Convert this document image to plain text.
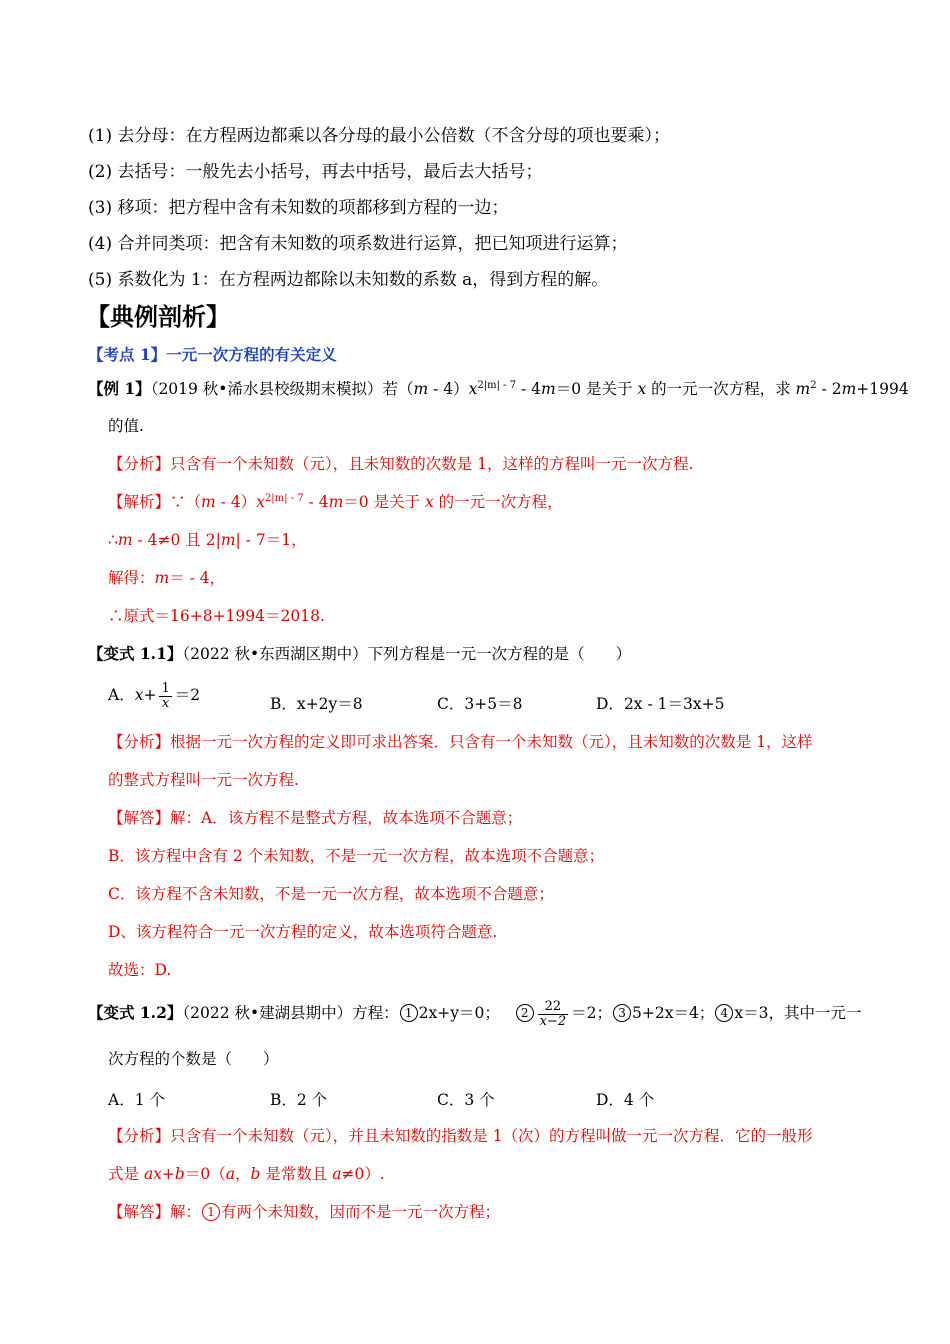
(1) 去分母：在方程两边都乘以各分母的最小公倍数（不含分母的项也要乘）；
(2) 去括号：一般先去小括号，再去中括号，最后去大括号；
(3) 移项：把方程中含有未知数的项都移到方程的一边；
(4) 合并同类项：把含有未知数的项系数进行运算，把已知项进行运算；
(5) 系数化为 1：在方程两边都除以未知数的系数 a，得到方程的解。
【典例剖析】
【考点 1】一元一次方程的有关定义
【例 1】（2019 秋•浠水县校级期末模拟）若$(m - 4)x^{2|m| - 7} - 4m=0$ 是关于 x 的一元一次方程，求 $m^2 - 2m+1994$
的值.
【分析】只含有一个未知数（元），且未知数的次数是 1，这样的方程叫一元一次方程.
【解析】∵（m - $4)x^{2|m| - 7} - 4m=0$ 是关于 x 的一元一次方程，
∴m - 4≠0 且 2|m| - 7＝1，
解得：m＝ - 4，
∴原式＝16+8+1994＝2018.
【变式 1.1】（2022 秋•东西湖区期中）下列方程是一元一次方程的是（　　）
A．$x+ \frac{1}{x} =2$	B．x+2y＝8	C．3+5＝8	D．2x - 1＝3x+5
【分析】根据一元一次方程的定义即可求出答案．只含有一个未知数（元），且未知数的次数是 1，这样
的整式方程叫一元一次方程.
【解答】解：A．该方程不是整式方程，故本选项不合题意；
B．该方程中含有 2 个未知数，不是一元一次方程，故本选项不合题意；
C．该方程不含未知数，不是一元一次方程，故本选项不合题意；
D、该方程符合一元一次方程的定义，故本选项符合题意.
故选：D.
【变式 1.2】（2022 秋•建湖县期中）方程： 1 2x+y＝0； $2 \frac{22}{x-2} =2$； 3 5+2x＝4； 4 x＝3，其中一元一
次方程的个数是（　　）
A．1 个	B．2 个	C．3 个	D．4 个
【分析】只含有一个未知数（元），并且未知数的指数是 1（次）的方程叫做一元一次方程．它的一般形
式是 ax+b＝0（a，b 是常数且 a≠0）.
【解答】解： 1 有两个未知数，因而不是一元一次方程；
